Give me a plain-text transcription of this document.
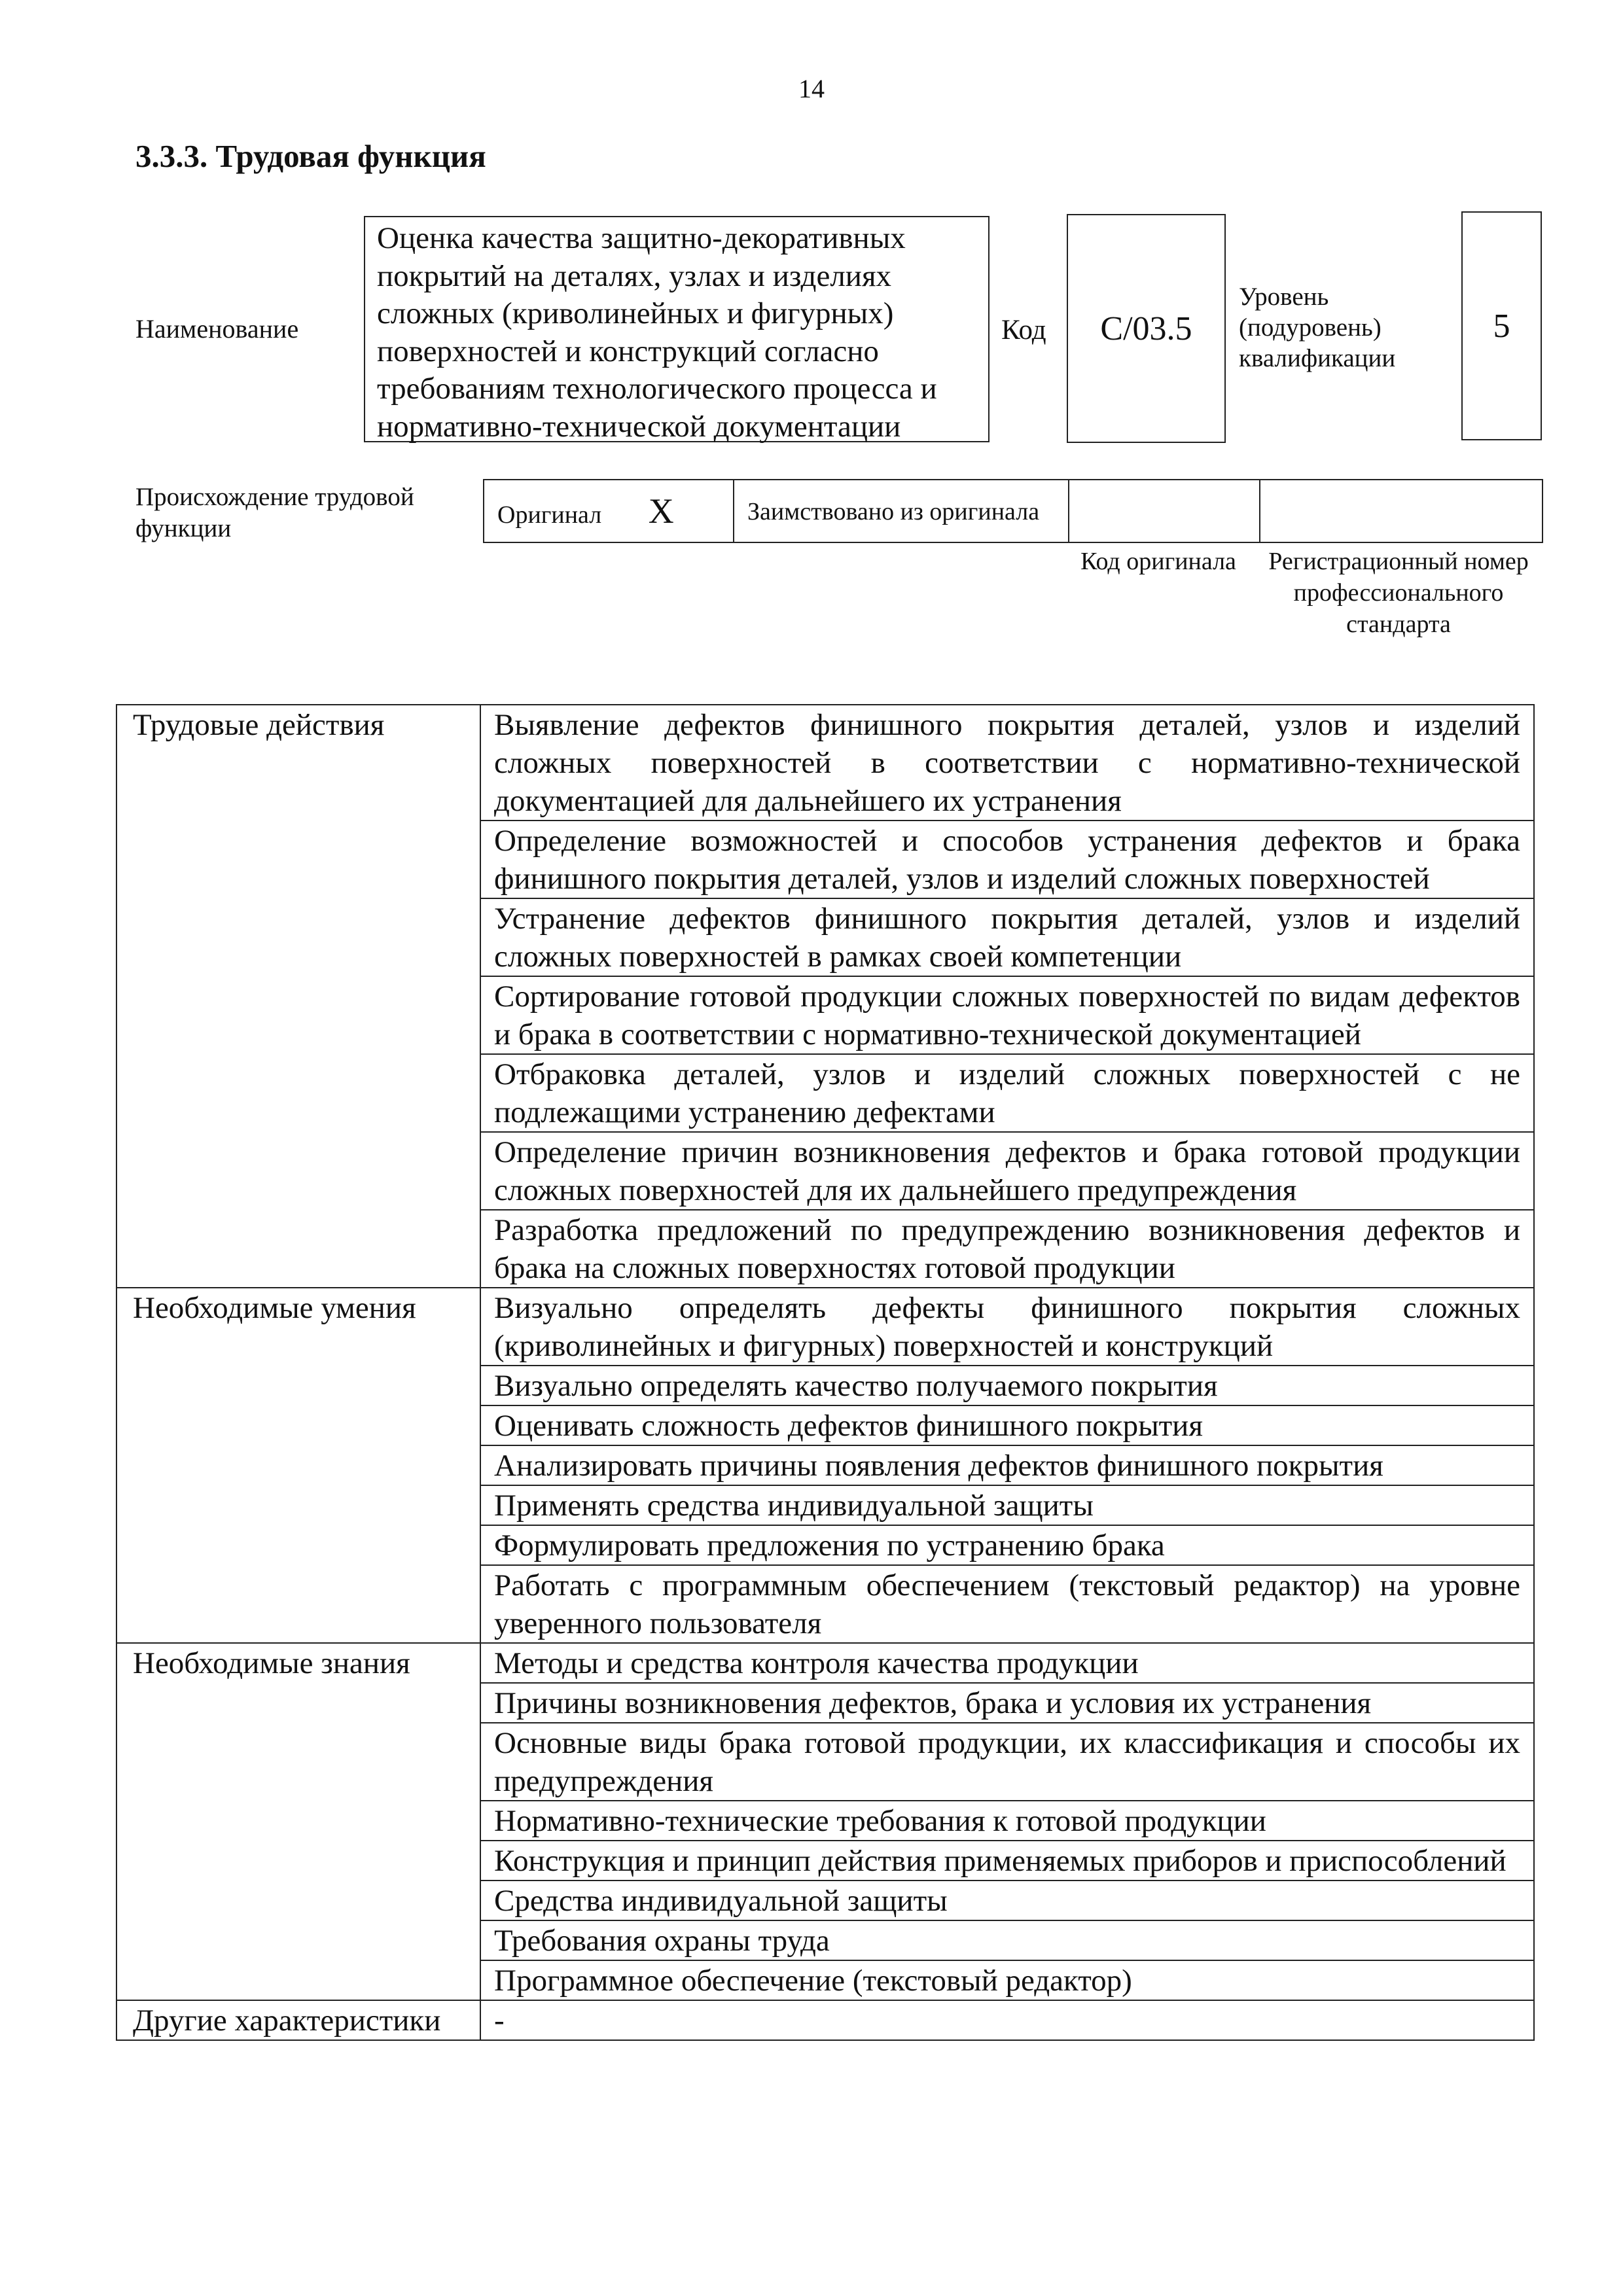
14
3.3.3. Трудовая функция
Наименование
Оценка качества защитно-декоративных покрытий на деталях, узлах и изделиях сложных (криволинейных и фигурных) поверхностей и конструкций согласно требованиям технологического процесса и нормативно-технической документации
Код С/03.5
Уровень (подуровень) квалификации
5
Происхождение трудовой функции	Оригинал X	Заимствовано из оригинала		
Код оригинала Регистрационный номер профессионального стандарта
Трудовые действия	Выявление дефектов финишного покрытия деталей, узлов и изделий сложных поверхностей в соответствии с нормативно-технической документацией для дальнейшего их устранения
	Определение возможностей и способов устранения дефектов и брака финишного покрытия деталей, узлов и изделий сложных поверхностей
	Устранение дефектов финишного покрытия деталей, узлов и изделий сложных поверхностей в рамках своей компетенции
	Сортирование готовой продукции сложных поверхностей по видам дефектов и брака в соответствии с нормативно-технической документацией
	Отбраковка деталей, узлов и изделий сложных поверхностей с не подлежащими устранению дефектами
	Определение причин возникновения дефектов и брака готовой продукции сложных поверхностей для их дальнейшего предупреждения
	Разработка предложений по предупреждению возникновения дефектов и брака на сложных поверхностях готовой продукции
Необходимые умения	Визуально определять дефекты финишного покрытия сложных (криволинейных и фигурных) поверхностей и конструкций
	Визуально определять качество получаемого покрытия
	Оценивать сложность дефектов финишного покрытия
	Анализировать причины появления дефектов финишного покрытия
	Применять средства индивидуальной защиты
	Формулировать предложения по устранению брака
	Работать с программным обеспечением (текстовый редактор) на уровне уверенного пользователя
Необходимые знания	Методы и средства контроля качества продукции
	Причины возникновения дефектов, брака и условия их устранения
	Основные виды брака готовой продукции, их классификация и способы их предупреждения
	Нормативно-технические требования к готовой продукции
	Конструкция и принцип действия применяемых приборов и приспособлений
	Средства индивидуальной защиты
	Требования охраны труда
	Программное обеспечение (текстовый редактор)
Другие характеристики	-
